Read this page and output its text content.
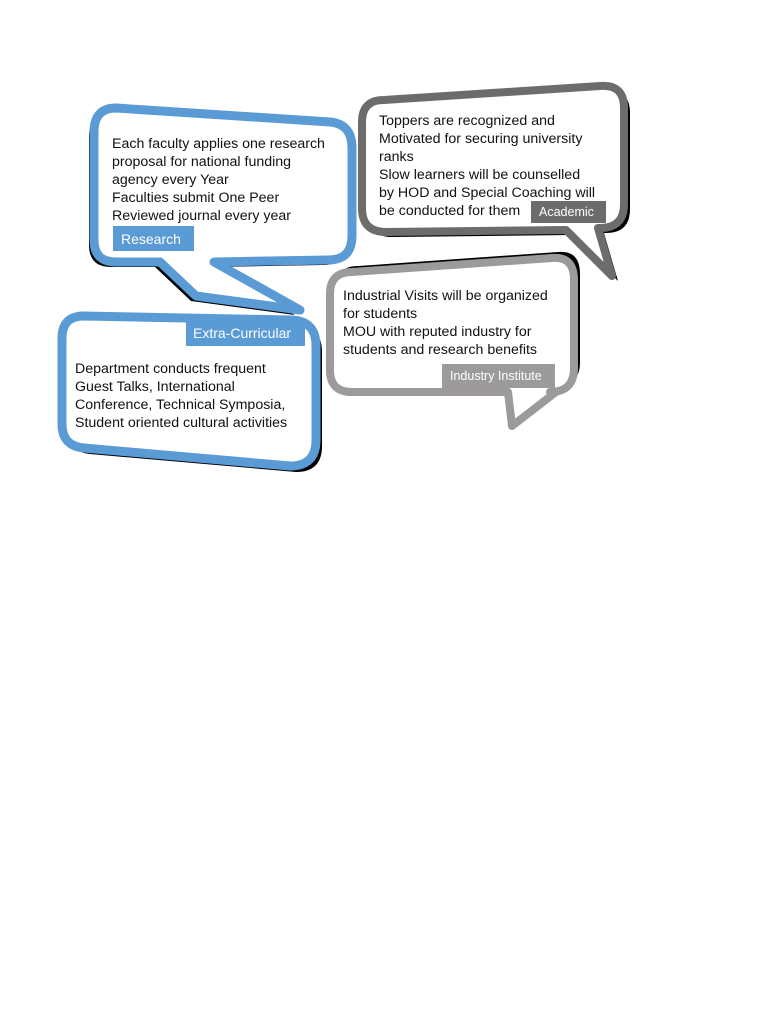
Each faculty applies one research
proposal for national funding
agency every Year
Faculties submit One Peer
Reviewed journal every year
Research
Extra-Curricular
Department conducts frequent
Guest Talks, International
Conference, Technical Symposia,
Student oriented cultural activities
Toppers are recognized and
Motivated for securing university
ranks
Slow learners will be counselled
by HOD and Special Coaching will
be conducted for them	Academic
Industrial Visits will be organized
for students
MOU with reputed industry for
students and research benefits
Industry Institute
